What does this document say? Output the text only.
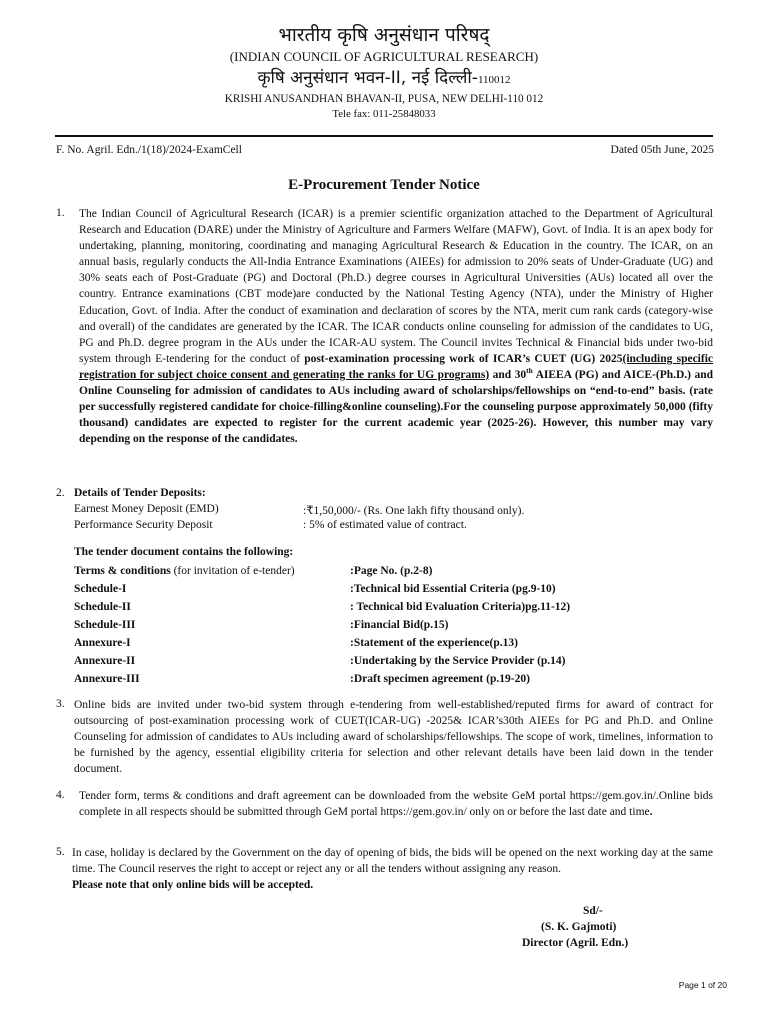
भारतीय कृषि अनुसंधान परिषद्
(INDIAN COUNCIL OF AGRICULTURAL RESEARCH)
कृषि अनुसंधान भवन-II, नई दिल्ली-110012
KRISHI ANUSANDHAN BHAVAN-II, PUSA, NEW DELHI-110 012
Tele fax: 011-25848033
F. No. Agril. Edn./1(18)/2024-ExamCell	Dated 05th June, 2025
E-Procurement Tender Notice
1. The Indian Council of Agricultural Research (ICAR) is a premier scientific organization attached to the Department of Agricultural Research and Education (DARE) under the Ministry of Agriculture and Farmers Welfare (MAFW), Govt. of India. It is an apex body for undertaking, planning, monitoring, coordinating and managing Agricultural Research & Education in the country. The ICAR, on an annual basis, regularly conducts the All-India Entrance Examinations (AIEEs) for admission to 20% seats of Under-Graduate (UG) and 30% seats each of Post-Graduate (PG) and Doctoral (Ph.D.) degree courses in Agricultural Universities (AUs) located all over the country. Entrance examinations (CBT mode)are conducted by the National Testing Agency (NTA), under the Ministry of Higher Education, Govt. of India. After the conduct of examination and declaration of scores by the NTA, merit cum rank cards (category-wise and overall) of the candidates are generated by the ICAR. The ICAR conducts online counseling for admission of the candidates to UG, PG and Ph.D. degree program in the AUs under the ICAR-AU system. The Council invites Technical & Financial bids under two-bid system through E-tendering for the conduct of post-examination processing work of ICAR’s CUET (UG) 2025(including specific registration for subject choice consent and generating the ranks for UG programs) and 30th AIEEA (PG) and AICE-(Ph.D.) and Online Counseling for admission of candidates to AUs including award of scholarships/fellowships on “end-to-end” basis. (rate per successfully registered candidate for choice-filling&online counseling).For the counseling purpose approximately 50,000 (fifty thousand) candidates are expected to register for the current academic year (2025-26). However, this number may vary depending on the response of the candidates.

2. Details of Tender Deposits:
Earnest Money Deposit (EMD)	:₹1,50,000/- (Rs. One lakh fifty thousand only).
Performance Security Deposit	: 5% of estimated value of contract.
The tender document contains the following:
Terms & conditions (for invitation of e-tender)	:Page No. (p.2-8)
Schedule-I	:Technical bid Essential Criteria (pg.9-10)
Schedule-II	: Technical bid Evaluation Criteria)pg.11-12)
Schedule-III	:Financial Bid(p.15)
Annexure-I	:Statement of the experience(p.13)
Annexure-II	:Undertaking by the Service Provider (p.14)
Annexure-III	:Draft specimen agreement (p.19-20)
3. Online bids are invited under two-bid system through e-tendering from well-established/reputed firms for award of contract for outsourcing of post-examination processing work of CUET(ICAR-UG) -2025& ICAR’s30th AIEEs for PG and Ph.D. and Online Counseling for admission of candidates to AUs including award of scholarships/fellowships. The scope of work, timelines, information to be furnished by the agency, essential eligibility criteria for selection and other relevant details have been laid down in the tender document.

4. Tender form, terms & conditions and draft agreement can be downloaded from the website GeM portal https://gem.gov.in/.Online bids complete in all respects should be submitted through GeM portal https://gem.gov.in/ only on or before the last date and time.

5. In case, holiday is declared by the Government on the day of opening of bids, the bids will be opened on the next working day at the same time. The Council reserves the right to accept or reject any or all the tenders without assigning any reason.
Please note that only online bids will be accepted.

Sd/-
(S. K. Gajmoti)
Director (Agril. Edn.)
Page 1 of 20
